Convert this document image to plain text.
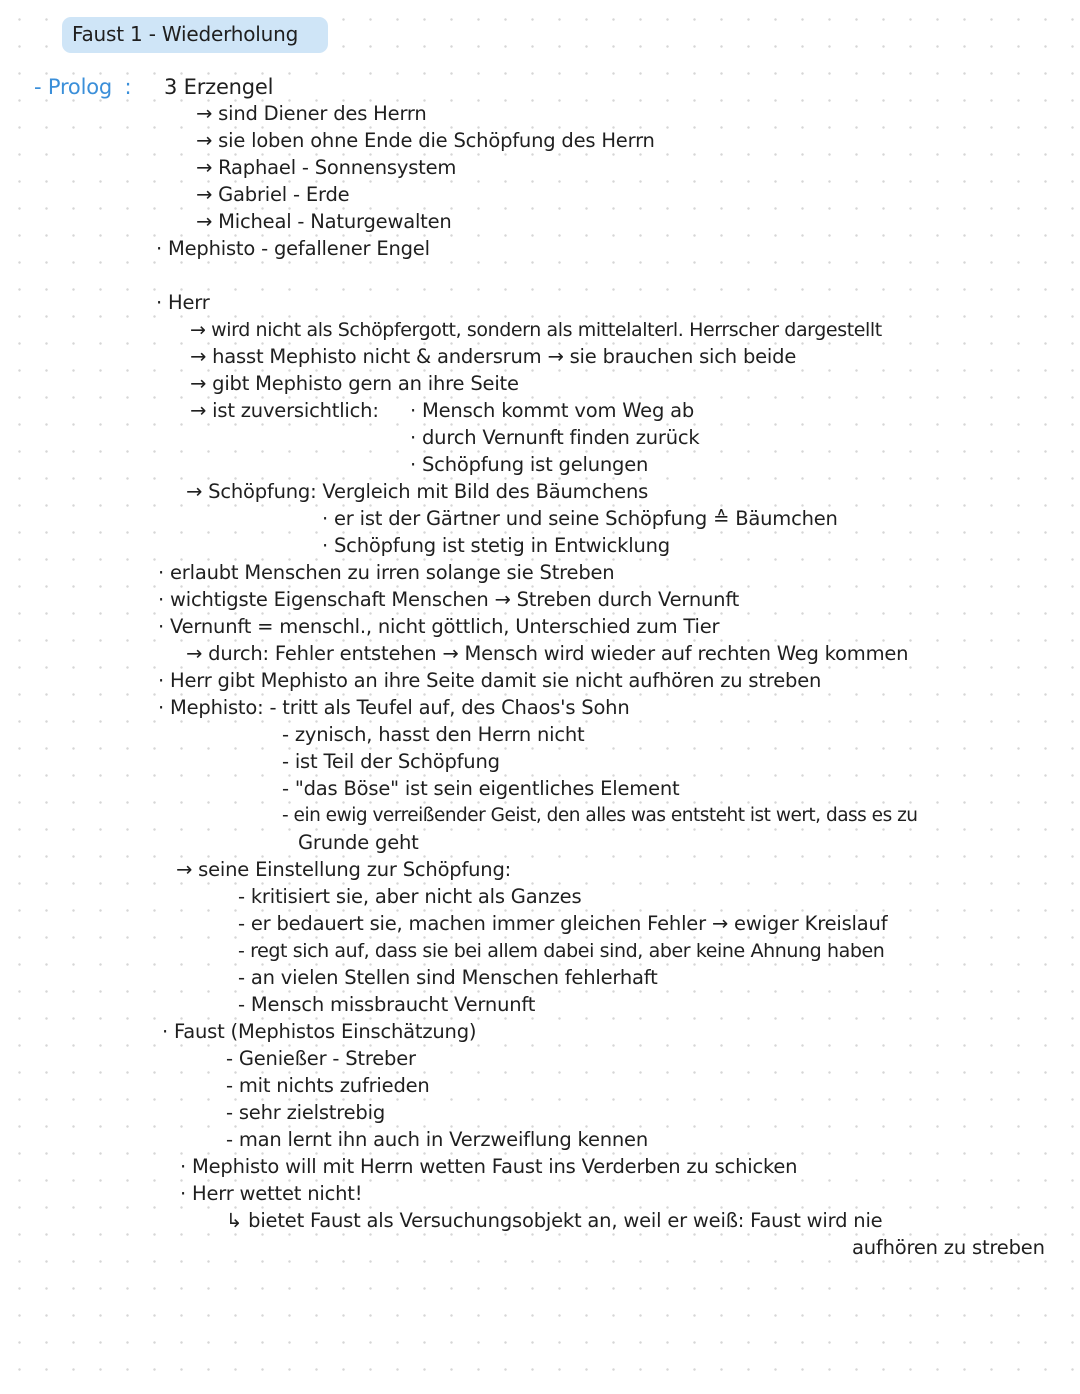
Faust 1 - Wiederholung
- Prolog : 3 Erzengel
→ sind Diener des Herrn
→ sie loben ohne Ende die Schöpfung des Herrn
→ Raphael - Sonnensystem
→ Gabriel - Erde
→ Micheal - Naturgewalten
· Mephisto - gefallener Engel
· Herr
→ wird nicht als Schöpfergott, sondern als mittelalterl. Herrscher dargestellt
→ hasst Mephisto nicht & andersrum → sie brauchen sich beide
→ gibt Mephisto gern an ihre Seite
→ ist zuversichtlich: · Mensch kommt vom Weg ab
· durch Vernunft finden zurück
· Schöpfung ist gelungen
→ Schöpfung: Vergleich mit Bild des Bäumchens
· er ist der Gärtner und seine Schöpfung ≙ Bäumchen
· Schöpfung ist stetig in Entwicklung
· erlaubt Menschen zu irren solange sie Streben
· wichtigste Eigenschaft Menschen → Streben durch Vernunft
· Vernunft = menschl., nicht göttlich, Unterschied zum Tier
→ durch: Fehler entstehen → Mensch wird wieder auf rechten Weg kommen
· Herr gibt Mephisto an ihre Seite damit sie nicht aufhören zu streben
· Mephisto: - tritt als Teufel auf, des Chaos's Sohn
- zynisch, hasst den Herrn nicht
- ist Teil der Schöpfung
- "das Böse" ist sein eigentliches Element
- ein ewig verreißender Geist, den alles was entsteht ist wert, dass es zu
Grunde geht
→ seine Einstellung zur Schöpfung:
- kritisiert sie, aber nicht als Ganzes
- er bedauert sie, machen immer gleichen Fehler → ewiger Kreislauf
- regt sich auf, dass sie bei allem dabei sind, aber keine Ahnung haben
- an vielen Stellen sind Menschen fehlerhaft
- Mensch missbraucht Vernunft
· Faust (Mephistos Einschätzung)
- Genießer - Streber
- mit nichts zufrieden
- sehr zielstrebig
- man lernt ihn auch in Verzweiflung kennen
· Mephisto will mit Herrn wetten Faust ins Verderben zu schicken
· Herr wettet nicht!
↳ bietet Faust als Versuchungsobjekt an, weil er weiß: Faust wird nie
aufhören zu streben
